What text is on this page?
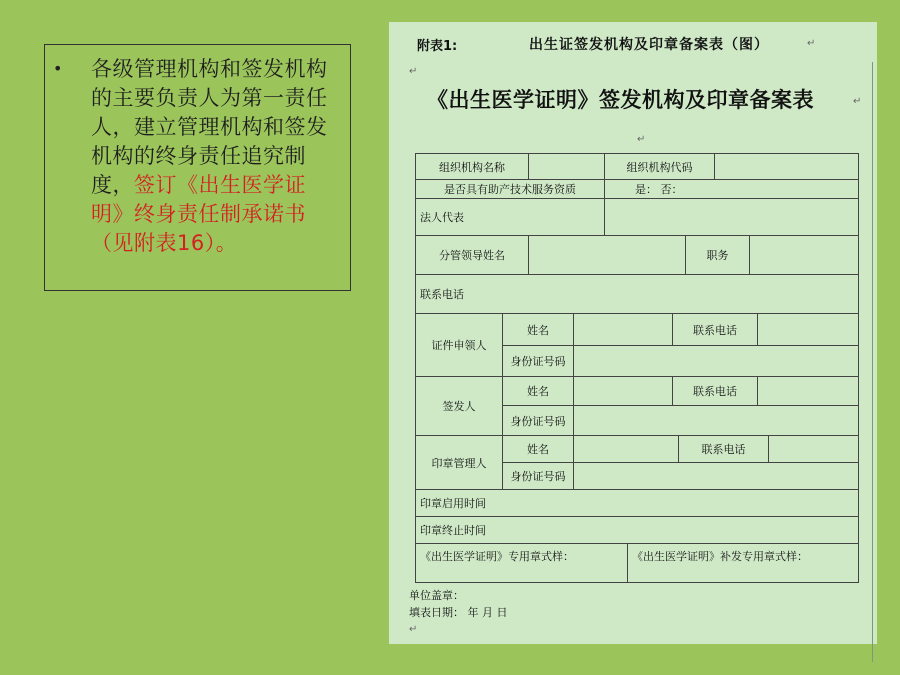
• 各级管理机构和签发机构的主要负责人为第一责任人，建立管理机构和签发机构的终身责任追究制度，签订《出生医学证明》终身责任制承诺书（见附表16）。
附表1:	出生证签发机构及印章备案表（图）	↵
↵
《出生医学证明》签发机构及印章备案表	↵
↵
组织机构名称	组织机构代码
是否具有助产技术服务资质	是： 否：
法人代表
分管领导姓名	职务
联系电话
证件申领人
姓名	联系电话
身份证号码
签发人
姓名	联系电话
身份证号码
印章管理人
姓名	联系电话
身份证号码
印章启用时间
印章终止时间
《出生医学证明》专用章式样：	《出生医学证明》补发专用章式样：
单位盖章：
填表日期： 年 月 日
↵
